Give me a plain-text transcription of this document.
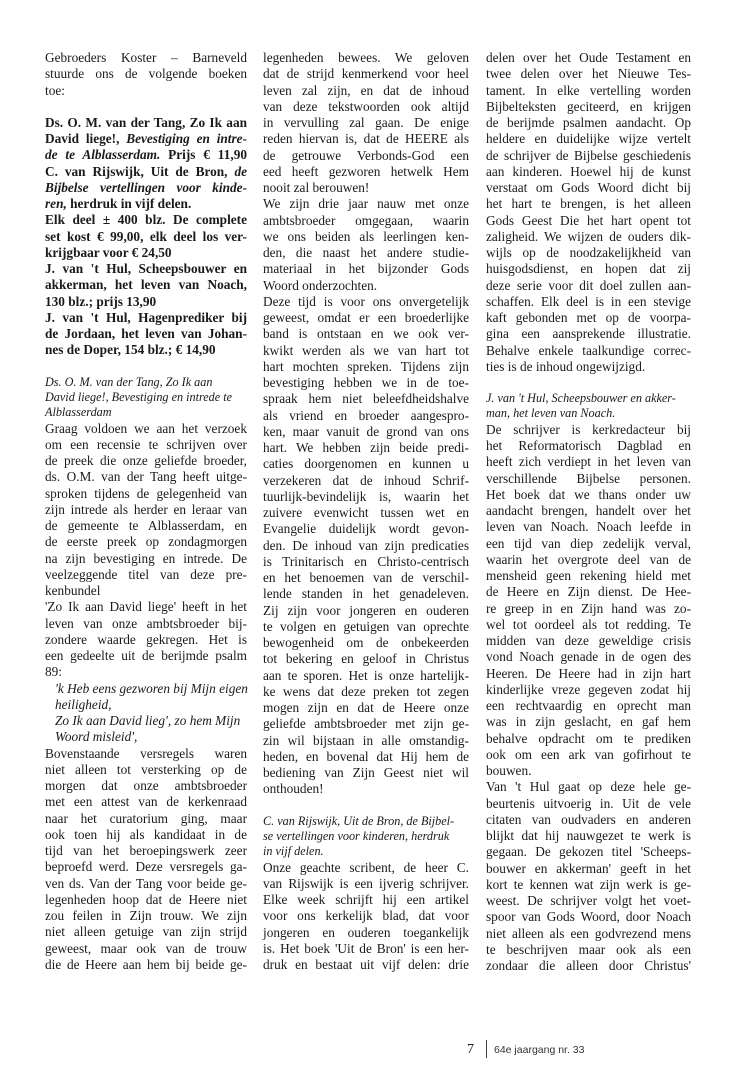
Gebroeders Koster – Barneveld
stuurde ons de volgende boeken
toe:
Ds. O. M. van der Tang, Zo Ik aan
David liege!, Bevestiging en intre-
de te Alblasserdam. Prijs € 11,90
C. van Rijswijk, Uit de Bron, de
Bijbelse vertellingen voor kinde-
ren, herdruk in vijf delen.
Elk deel ± 400 blz. De complete
set kost € 99,00, elk deel los ver-
krijgbaar voor € 24,50
J. van 't Hul, Scheepsbouwer en
akkerman, het leven van Noach,
130 blz.; prijs 13,90
J. van 't Hul, Hagenprediker bij
de Jordaan, het leven van Johan-
nes de Doper, 154 blz.; € 14,90
Ds. O. M. van der Tang, Zo Ik aan
David liege!, Bevestiging en intrede te
Alblasserdam
Graag voldoen we aan het verzoek
om een recensie te schrijven over
de preek die onze geliefde broeder,
ds. O.M. van der Tang heeft uitge-
sproken tijdens de gelegenheid van
zijn intrede als herder en leraar van
de gemeente te Alblasserdam, en
de eerste preek op zondagmorgen
na zijn bevestiging en intrede. De
veelzeggende titel van deze pre-
kenbundel
'Zo Ik aan David liege' heeft in het
leven van onze ambtsbroeder bij-
zondere waarde gekregen. Het is
een gedeelte uit de berijmde psalm
89:
'k Heb eens gezworen bij Mijn eigen
heiligheid,
Zo Ik aan David lieg', zo hem Mijn
Woord misleid',
Bovenstaande versregels waren
niet alleen tot versterking op de
morgen dat onze ambtsbroeder
met een attest van de kerkenraad
naar het curatorium ging, maar
ook toen hij als kandidaat in de
tijd van het beroepingswerk zeer
beproefd werd. Deze versregels ga-
ven ds. Van der Tang voor beide ge-
legenheden hoop dat de Heere niet
zou feilen in Zijn trouw. We zijn
niet alleen getuige van zijn strijd
geweest, maar ook van de trouw
die de Heere aan hem bij beide ge-
legenheden bewees. We geloven
dat de strijd kenmerkend voor heel
leven zal zijn, en dat de inhoud
van deze tekstwoorden ook altijd
in vervulling zal gaan. De enige
reden hiervan is, dat de HEERE als
de getrouwe Verbonds-God een
eed heeft gezworen hetwelk Hem
nooit zal berouwen!
We zijn drie jaar nauw met onze
ambtsbroeder omgegaan, waarin
we ons beiden als leerlingen ken-
den, die naast het andere studie-
materiaal in het bijzonder Gods
Woord onderzochten.
Deze tijd is voor ons onvergetelijk
geweest, omdat er een broederlijke
band is ontstaan en we ook ver-
kwikt werden als we van hart tot
hart mochten spreken. Tijdens zijn
bevestiging hebben we in de toe-
spraak hem niet beleefdheidshalve
als vriend en broeder aangespro-
ken, maar vanuit de grond van ons
hart. We hebben zijn beide predi-
caties doorgenomen en kunnen u
verzekeren dat de inhoud Schrif-
tuurlijk-bevindelijk is, waarin het
zuivere evenwicht tussen wet en
Evangelie duidelijk wordt gevon-
den. De inhoud van zijn predicaties
is Trinitarisch en Christo-centrisch
en het benoemen van de verschil-
lende standen in het genadeleven.
Zij zijn voor jongeren en ouderen
te volgen en getuigen van oprechte
bewogenheid om de onbekeerden
tot bekering en geloof in Christus
aan te sporen. Het is onze hartelijk-
ke wens dat deze preken tot zegen
mogen zijn en dat de Heere onze
geliefde ambtsbroeder met zijn ge-
zin wil bijstaan in alle omstandig-
heden, en bovenal dat Hij hem de
bediening van Zijn Geest niet wil
onthouden!
C. van Rijswijk, Uit de Bron, de Bijbel-
se vertellingen voor kinderen, herdruk
in vijf delen.
Onze geachte scribent, de heer C.
van Rijswijk is een ijverig schrijver.
Elke week schrijft hij een artikel
voor ons kerkelijk blad, dat voor
jongeren en ouderen toegankelijk
is. Het boek 'Uit de Bron' is een her-
druk en bestaat uit vijf delen: drie
delen over het Oude Testament en
twee delen over het Nieuwe Tes-
tament. In elke vertelling worden
Bijbelteksten geciteerd, en krijgen
de berijmde psalmen aandacht. Op
heldere en duidelijke wijze vertelt
de schrijver de Bijbelse geschiedenis
aan kinderen. Hoewel hij de kunst
verstaat om Gods Woord dicht bij
het hart te brengen, is het alleen
Gods Geest Die het hart opent tot
zaligheid. We wijzen de ouders dik-
wijls op de noodzakelijkheid van
huisgodsdienst, en hopen dat zij
deze serie voor dit doel zullen aan-
schaffen. Elk deel is in een stevige
kaft gebonden met op de voorpa-
gina een aansprekende illustratie.
Behalve enkele taalkundige correc-
ties is de inhoud ongewijzigd.
J. van 't Hul, Scheepsbouwer en akker-
man, het leven van Noach.
De schrijver is kerkredacteur bij
het Reformatorisch Dagblad en
heeft zich verdiept in het leven van
verschillende Bijbelse personen.
Het boek dat we thans onder uw
aandacht brengen, handelt over het
leven van Noach. Noach leefde in
een tijd van diep zedelijk verval,
waarin het overgrote deel van de
mensheid geen rekening hield met
de Heere en Zijn dienst. De Hee-
re greep in en Zijn hand was zo-
wel tot oordeel als tot redding. Te
midden van deze geweldige crisis
vond Noach genade in de ogen des
Heeren. De Heere had in zijn hart
kinderlijke vreze gegeven zodat hij
een rechtvaardig en oprecht man
was in zijn geslacht, en gaf hem
behalve opdracht om te prediken
ook om een ark van gofirhout te
bouwen.
Van 't Hul gaat op deze hele ge-
beurtenis uitvoerig in. Uit de vele
citaten van oudvaders en anderen
blijkt dat hij nauwgezet te werk is
gegaan. De gekozen titel 'Scheeps-
bouwer en akkerman' geeft in het
kort te kennen wat zijn werk is ge-
weest. De schrijver volgt het voet-
spoor van Gods Woord, door Noach
niet alleen als een godvrezend mens
te beschrijven maar ook als een
zondaar die alleen door Christus'
7 64e jaargang nr. 33
